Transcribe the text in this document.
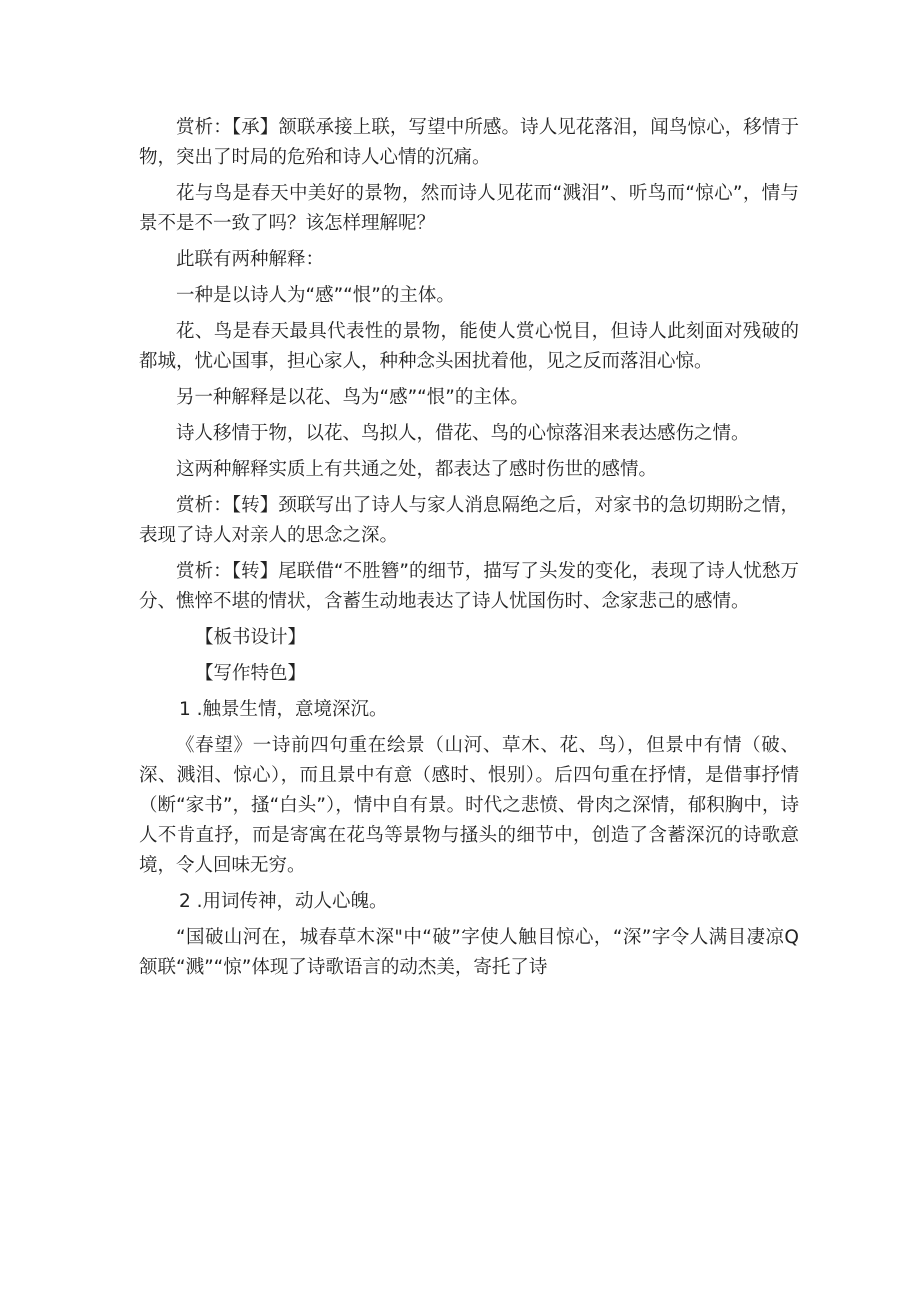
赏析：【承】颔联承接上联，写望中所感。诗人见花落泪，闻鸟惊心，移情于物，突出了时局的危殆和诗人心情的沉痛。

花与鸟是春天中美好的景物，然而诗人见花而“溅泪”、听鸟而“惊心”，情与景不是不一致了吗？该怎样理解呢？

此联有两种解释：

一种是以诗人为“感”“恨”的主体。

花、鸟是春天最具代表性的景物，能使人赏心悦目，但诗人此刻面对残破的都城，忧心国事，担心家人，种种念头困扰着他，见之反而落泪心惊。

另一种解释是以花、鸟为“感”“恨”的主体。

诗人移情于物，以花、鸟拟人，借花、鸟的心惊落泪来表达感伤之情。

这两种解释实质上有共通之处，都表达了感时伤世的感情。

赏析：【转】颈联写出了诗人与家人消息隔绝之后，对家书的急切期盼之情，表现了诗人对亲人的思念之深。

赏析：【转】尾联借“不胜簪”的细节，描写了头发的变化，表现了诗人忧愁万分、憔悴不堪的情状，含蓄生动地表达了诗人忧国伤时、念家悲己的感情。

【板书设计】

【写作特色】

1 .触景生情，意境深沉。

《春望》一诗前四句重在绘景（山河、草木、花、鸟），但景中有情（破、深、溅泪、惊心），而且景中有意（感时、恨别）。后四句重在抒情，是借事抒情（断“家书”，搔“白头”），情中自有景。时代之悲愤、骨肉之深情，郁积胸中，诗人不肯直抒，而是寄寓在花鸟等景物与搔头的细节中，创造了含蓄深沉的诗歌意境，令人回味无穷。

2 .用词传神，动人心魄。

“国破山河在，城春草木深"中“破”字使人触目惊心，“深”字令人满目凄凉Q颔联“溅”“惊”体现了诗歌语言的动杰美，寄托了诗
